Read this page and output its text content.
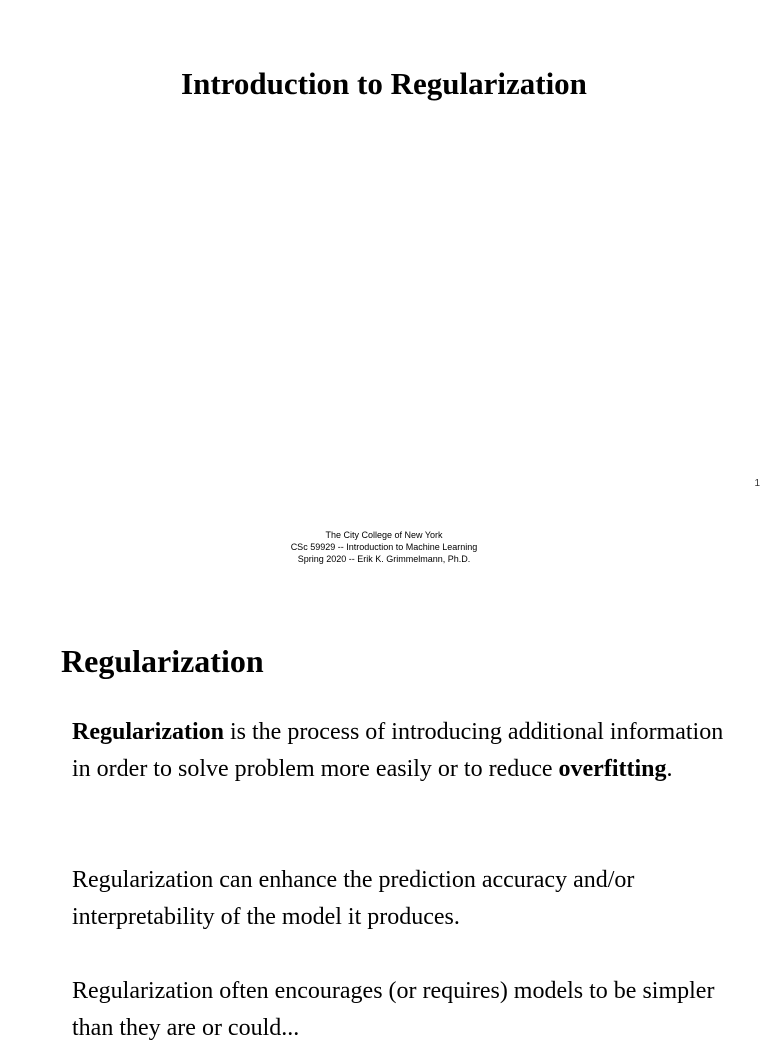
Introduction to Regularization
1
The City College of New York
CSc 59929 -- Introduction to Machine Learning
Spring 2020 -- Erik K. Grimmelmann, Ph.D.
Regularization

Regularization is the process of introducing additional information in order to solve problem more easily or to reduce overfitting.

Regularization can enhance the prediction accuracy and/or interpretability of the model it produces.

Regularization often encourages (or requires) models to be simpler than they are or could...
